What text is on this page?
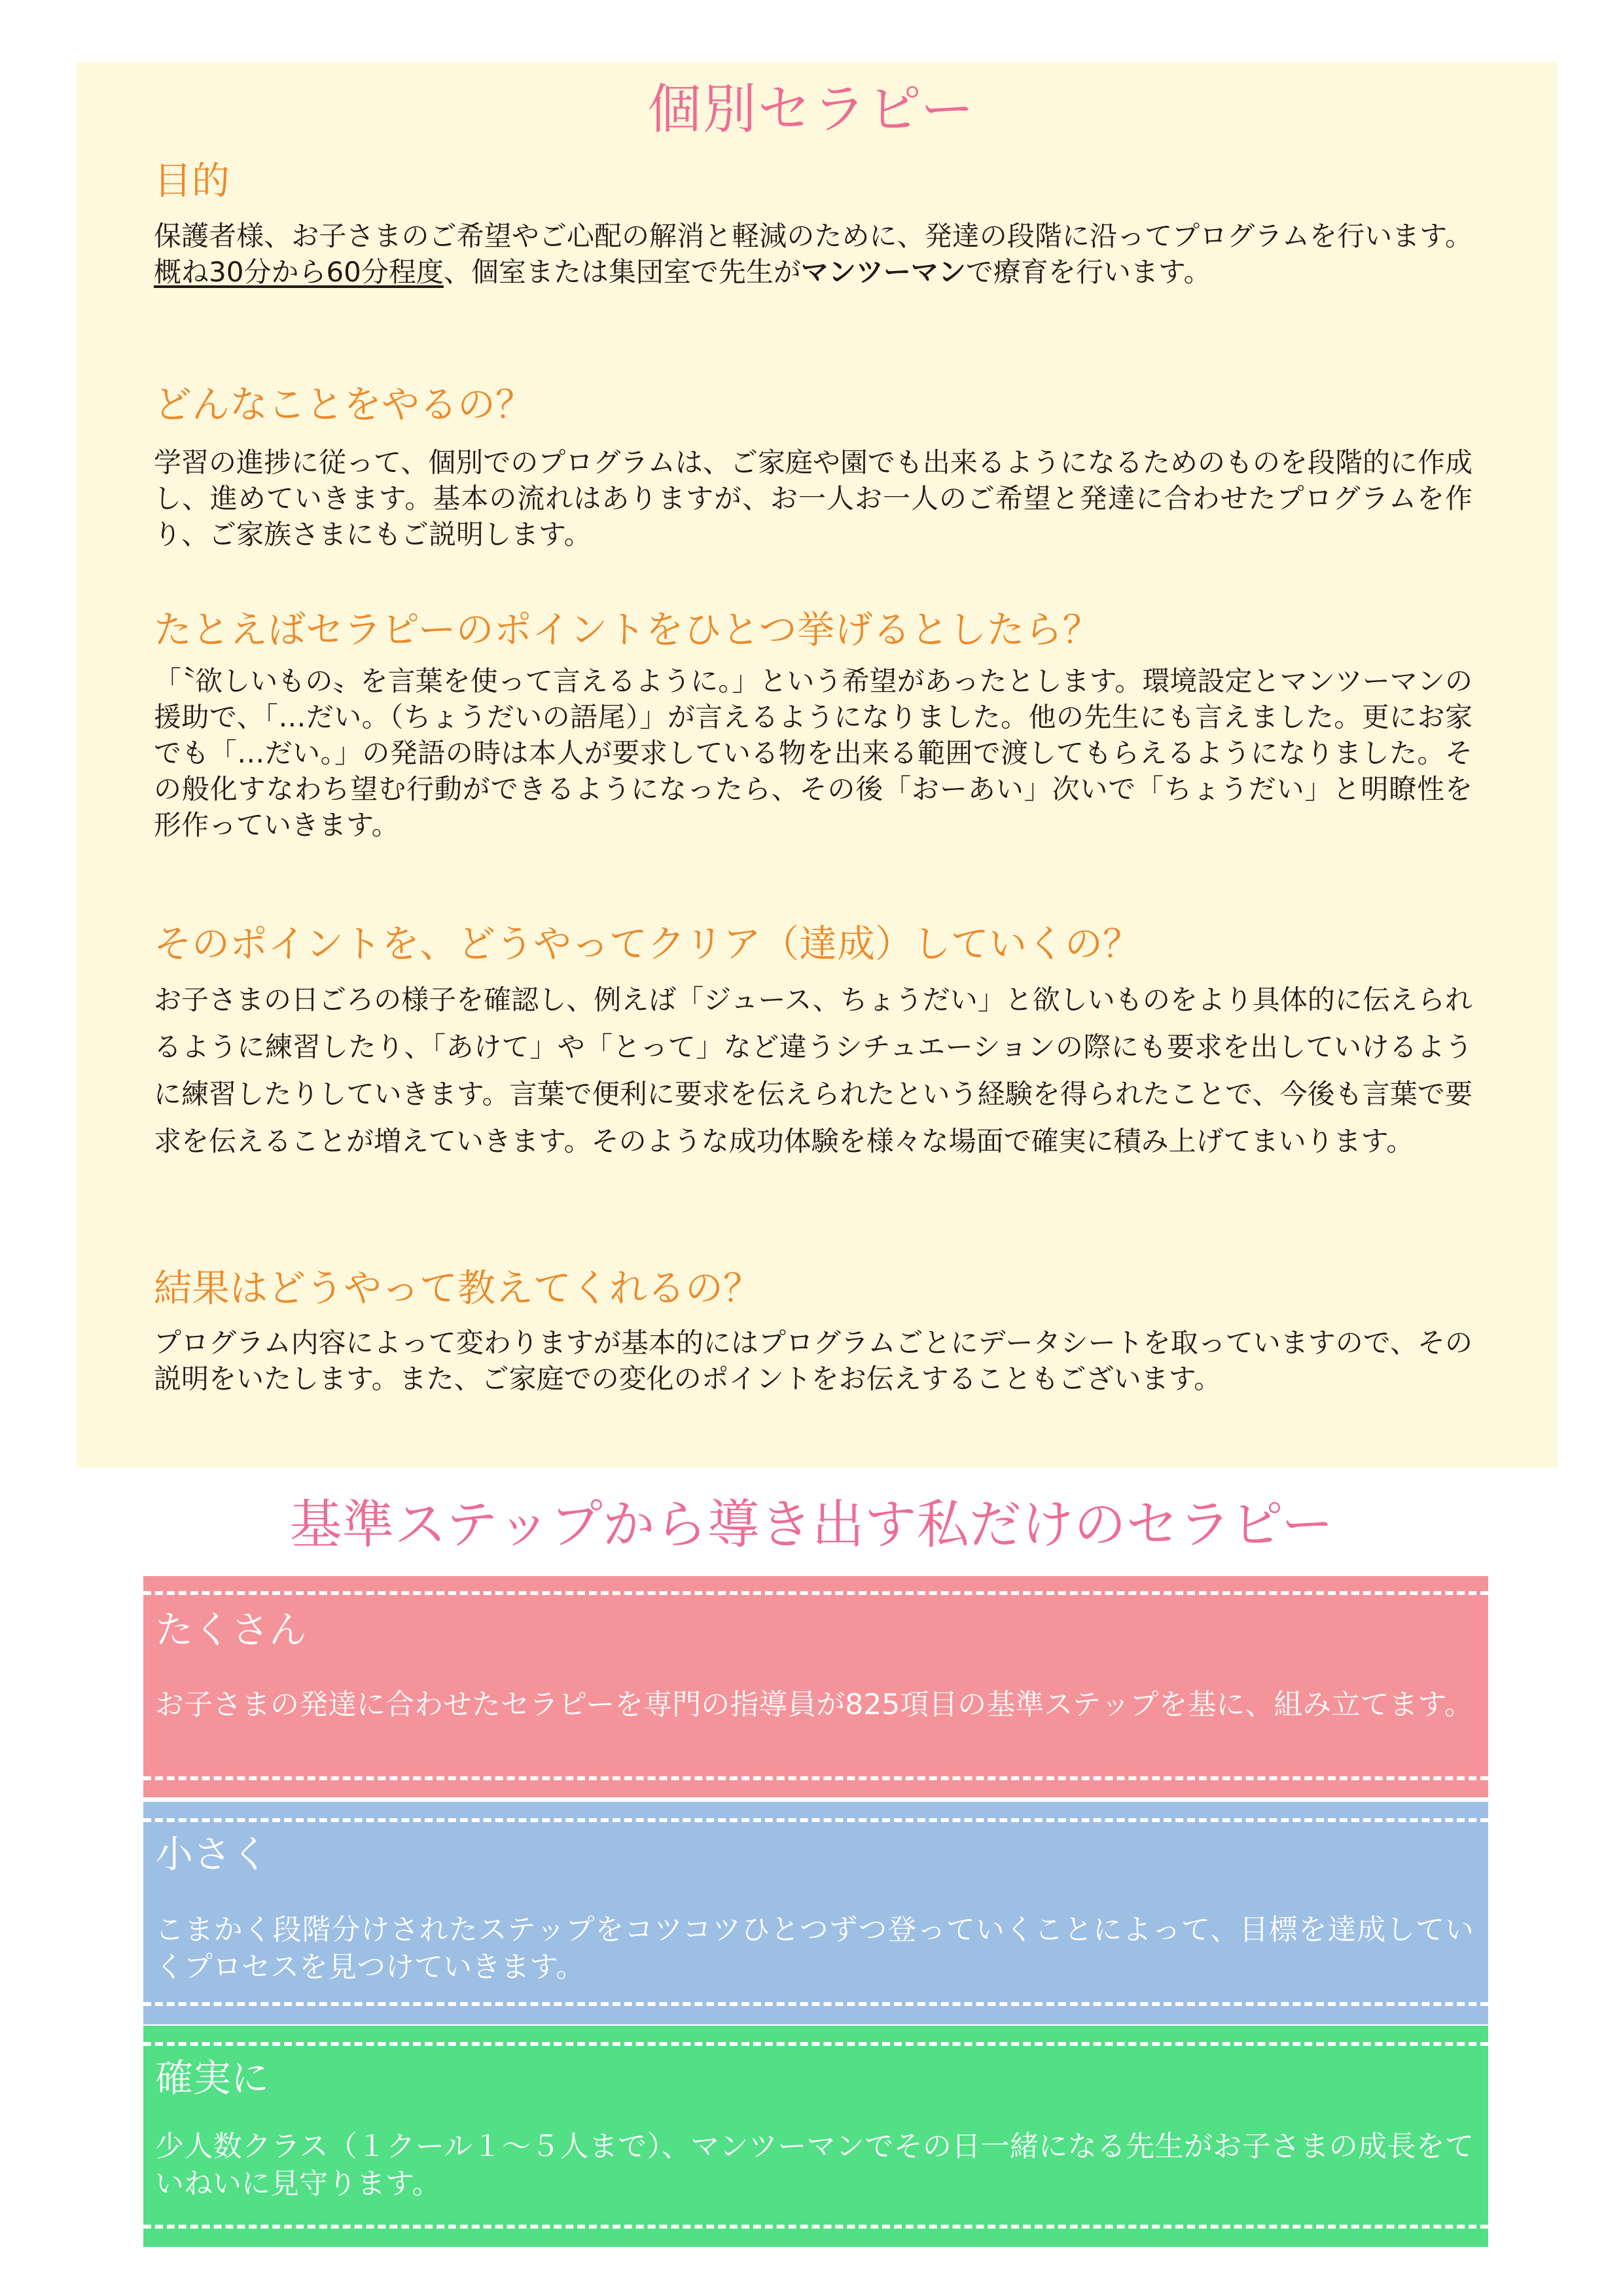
個別セラピー
目的

保護者様、お子さまのご希望やご心配の解消と軽減のために、発達の段階に沿ってプログラムを行います。概ね30分から60分程度、個室または集団室で先生がマンツーマンで療育を行います。

どんなことをやるの？

学習の進捗に従って、個別でのプログラムは、ご家庭や園でも出来るようになるためのものを段階的に作成し、進めていきます。基本の流れはありますが、お一人お一人のご希望と発達に合わせたプログラムを作り、ご家族さまにもご説明します。

たとえばセラピーのポイントをひとつ挙げるとしたら？

「〝欲しいもの〟を言葉を使って言えるように。」という希望があったとします。環境設定とマンツーマンの援助で、「…だい。（ちょうだいの語尾）」が言えるようになりました。他の先生にも言えました。更にお家でも「…だい。」の発語の時は本人が要求している物を出来る範囲で渡してもらえるようになりました。その般化すなわち望む行動ができるようになったら、その後「おーあい」次いで「ちょうだい」と明瞭性を形作っていきます。

そのポイントを、どうやってクリア（達成）していくの？

お子さまの日ごろの様子を確認し、例えば「ジュース、ちょうだい」と欲しいものをより具体的に伝えられるように練習したり、「あけて」や「とって」など違うシチュエーションの際にも要求を出していけるように練習したりしていきます。言葉で便利に要求を伝えられたという経験を得られたことで、今後も言葉で要求を伝えることが増えていきます。そのような成功体験を様々な場面で確実に積み上げてまいります。

結果はどうやって教えてくれるの？

プログラム内容によって変わりますが基本的にはプログラムごとにデータシートを取っていますので、その説明をいたします。また、ご家庭での変化のポイントをお伝えすることもございます。

基準ステップから導き出す私だけのセラピー
たくさん

お子さまの発達に合わせたセラピーを専門の指導員が825項目の基準ステップを基に、組み立てます。

小さく

こまかく段階分けされたステップをコツコツひとつずつ登っていくことによって、目標を達成していくプロセスを見つけていきます。

確実に

少人数クラス（１クール１～５人まで）、マンツーマンでその日一緒になる先生がお子さまの成長をていねいに見守ります。
